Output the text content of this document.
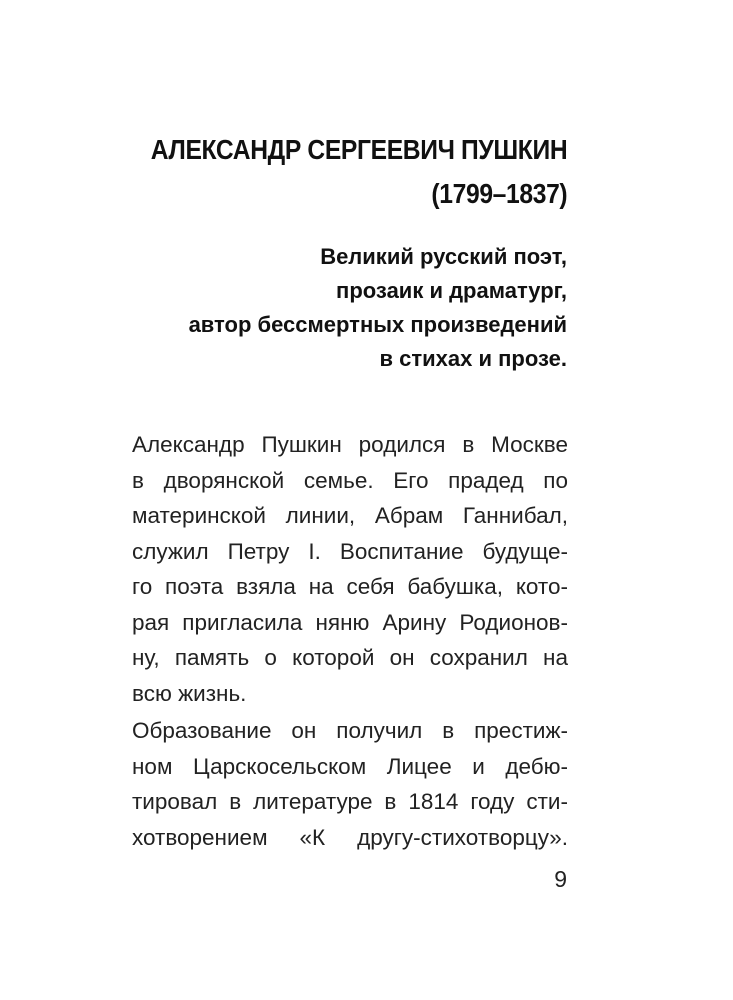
АЛЕКСАНДР СЕРГЕЕВИЧ ПУШКИН
(1799–1837)
Великий русский поэт,
прозаик и драматург,
автор бессмертных произведений
в стихах и прозе.
Александр Пушкин родился в Москве
в дворянской семье. Его прадед по
материнской линии, Абрам Ганнибал,
служил Петру I. Воспитание будуще-
го поэта взяла на себя бабушка, кото-
рая пригласила няню Арину Родионов-
ну, память о которой он сохранил на
всю жизнь.
Образование он получил в престиж-
ном Царскосельском Лицее и дебю-
тировал в литературе в 1814 году сти-
хотворением «К другу-стихотворцу».
9
